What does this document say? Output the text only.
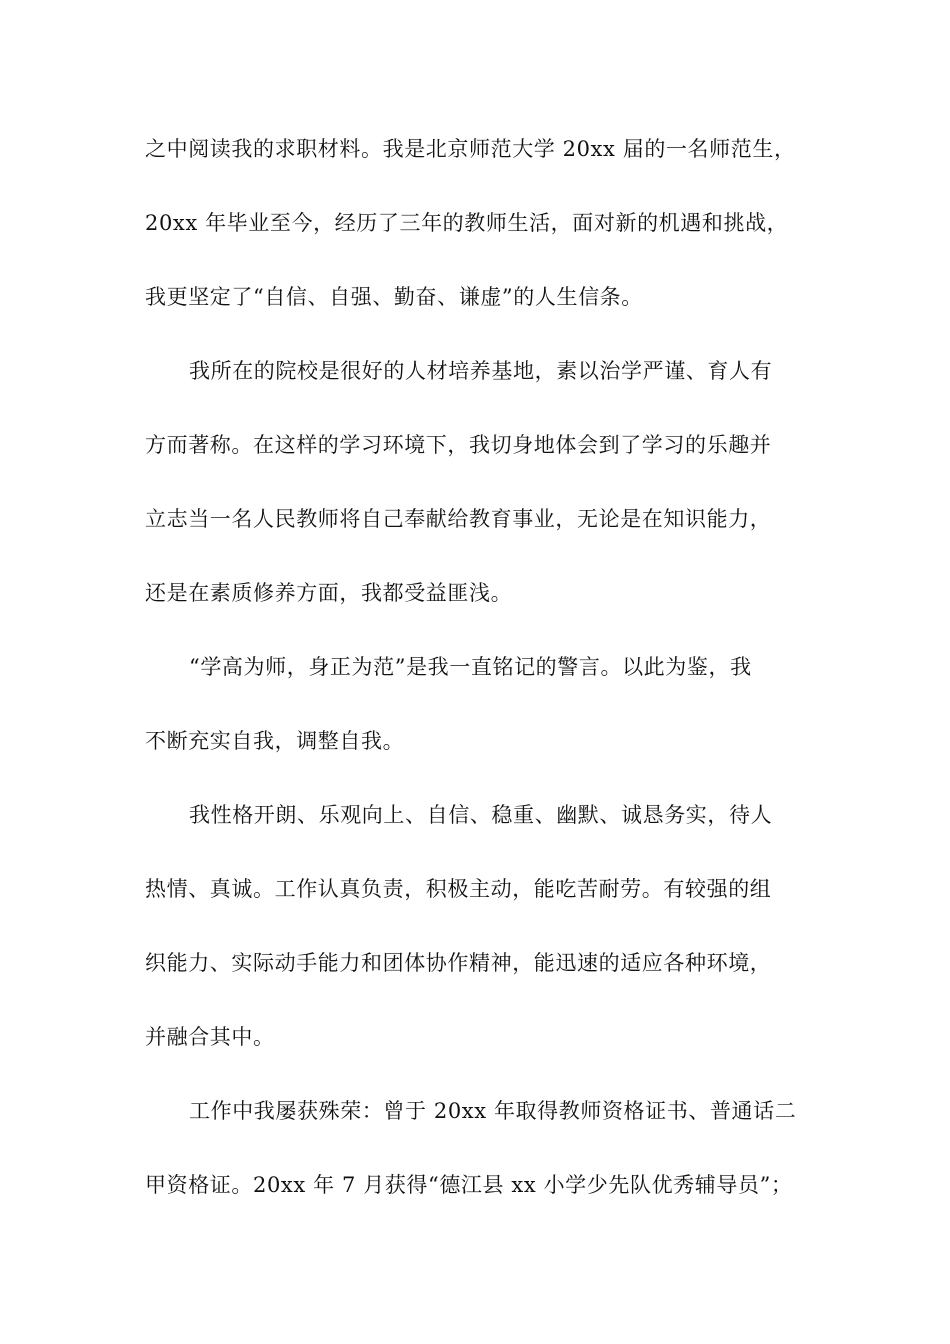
之中阅读我的求职材料。我是北京师范大学 20xx 届的一名师范生，
20xx 年毕业至今，经历了三年的教师生活，面对新的机遇和挑战，
我更坚定了“自信、自强、勤奋、谦虚”的人生信条。
我所在的院校是很好的人材培养基地，素以治学严谨、育人有
方而著称。在这样的学习环境下，我切身地体会到了学习的乐趣并
立志当一名人民教师将自己奉献给教育事业，无论是在知识能力，
还是在素质修养方面，我都受益匪浅。
“学高为师，身正为范”是我一直铭记的警言。以此为鉴，我
不断充实自我，调整自我。
我性格开朗、乐观向上、自信、稳重、幽默、诚恳务实，待人
热情、真诚。工作认真负责，积极主动，能吃苦耐劳。有较强的组
织能力、实际动手能力和团体协作精神，能迅速的适应各种环境，
并融合其中。
工作中我屡获殊荣：曾于 20xx 年取得教师资格证书、普通话二
甲资格证。20xx 年 7 月获得“德江县 xx 小学少先队优秀辅导员”；
